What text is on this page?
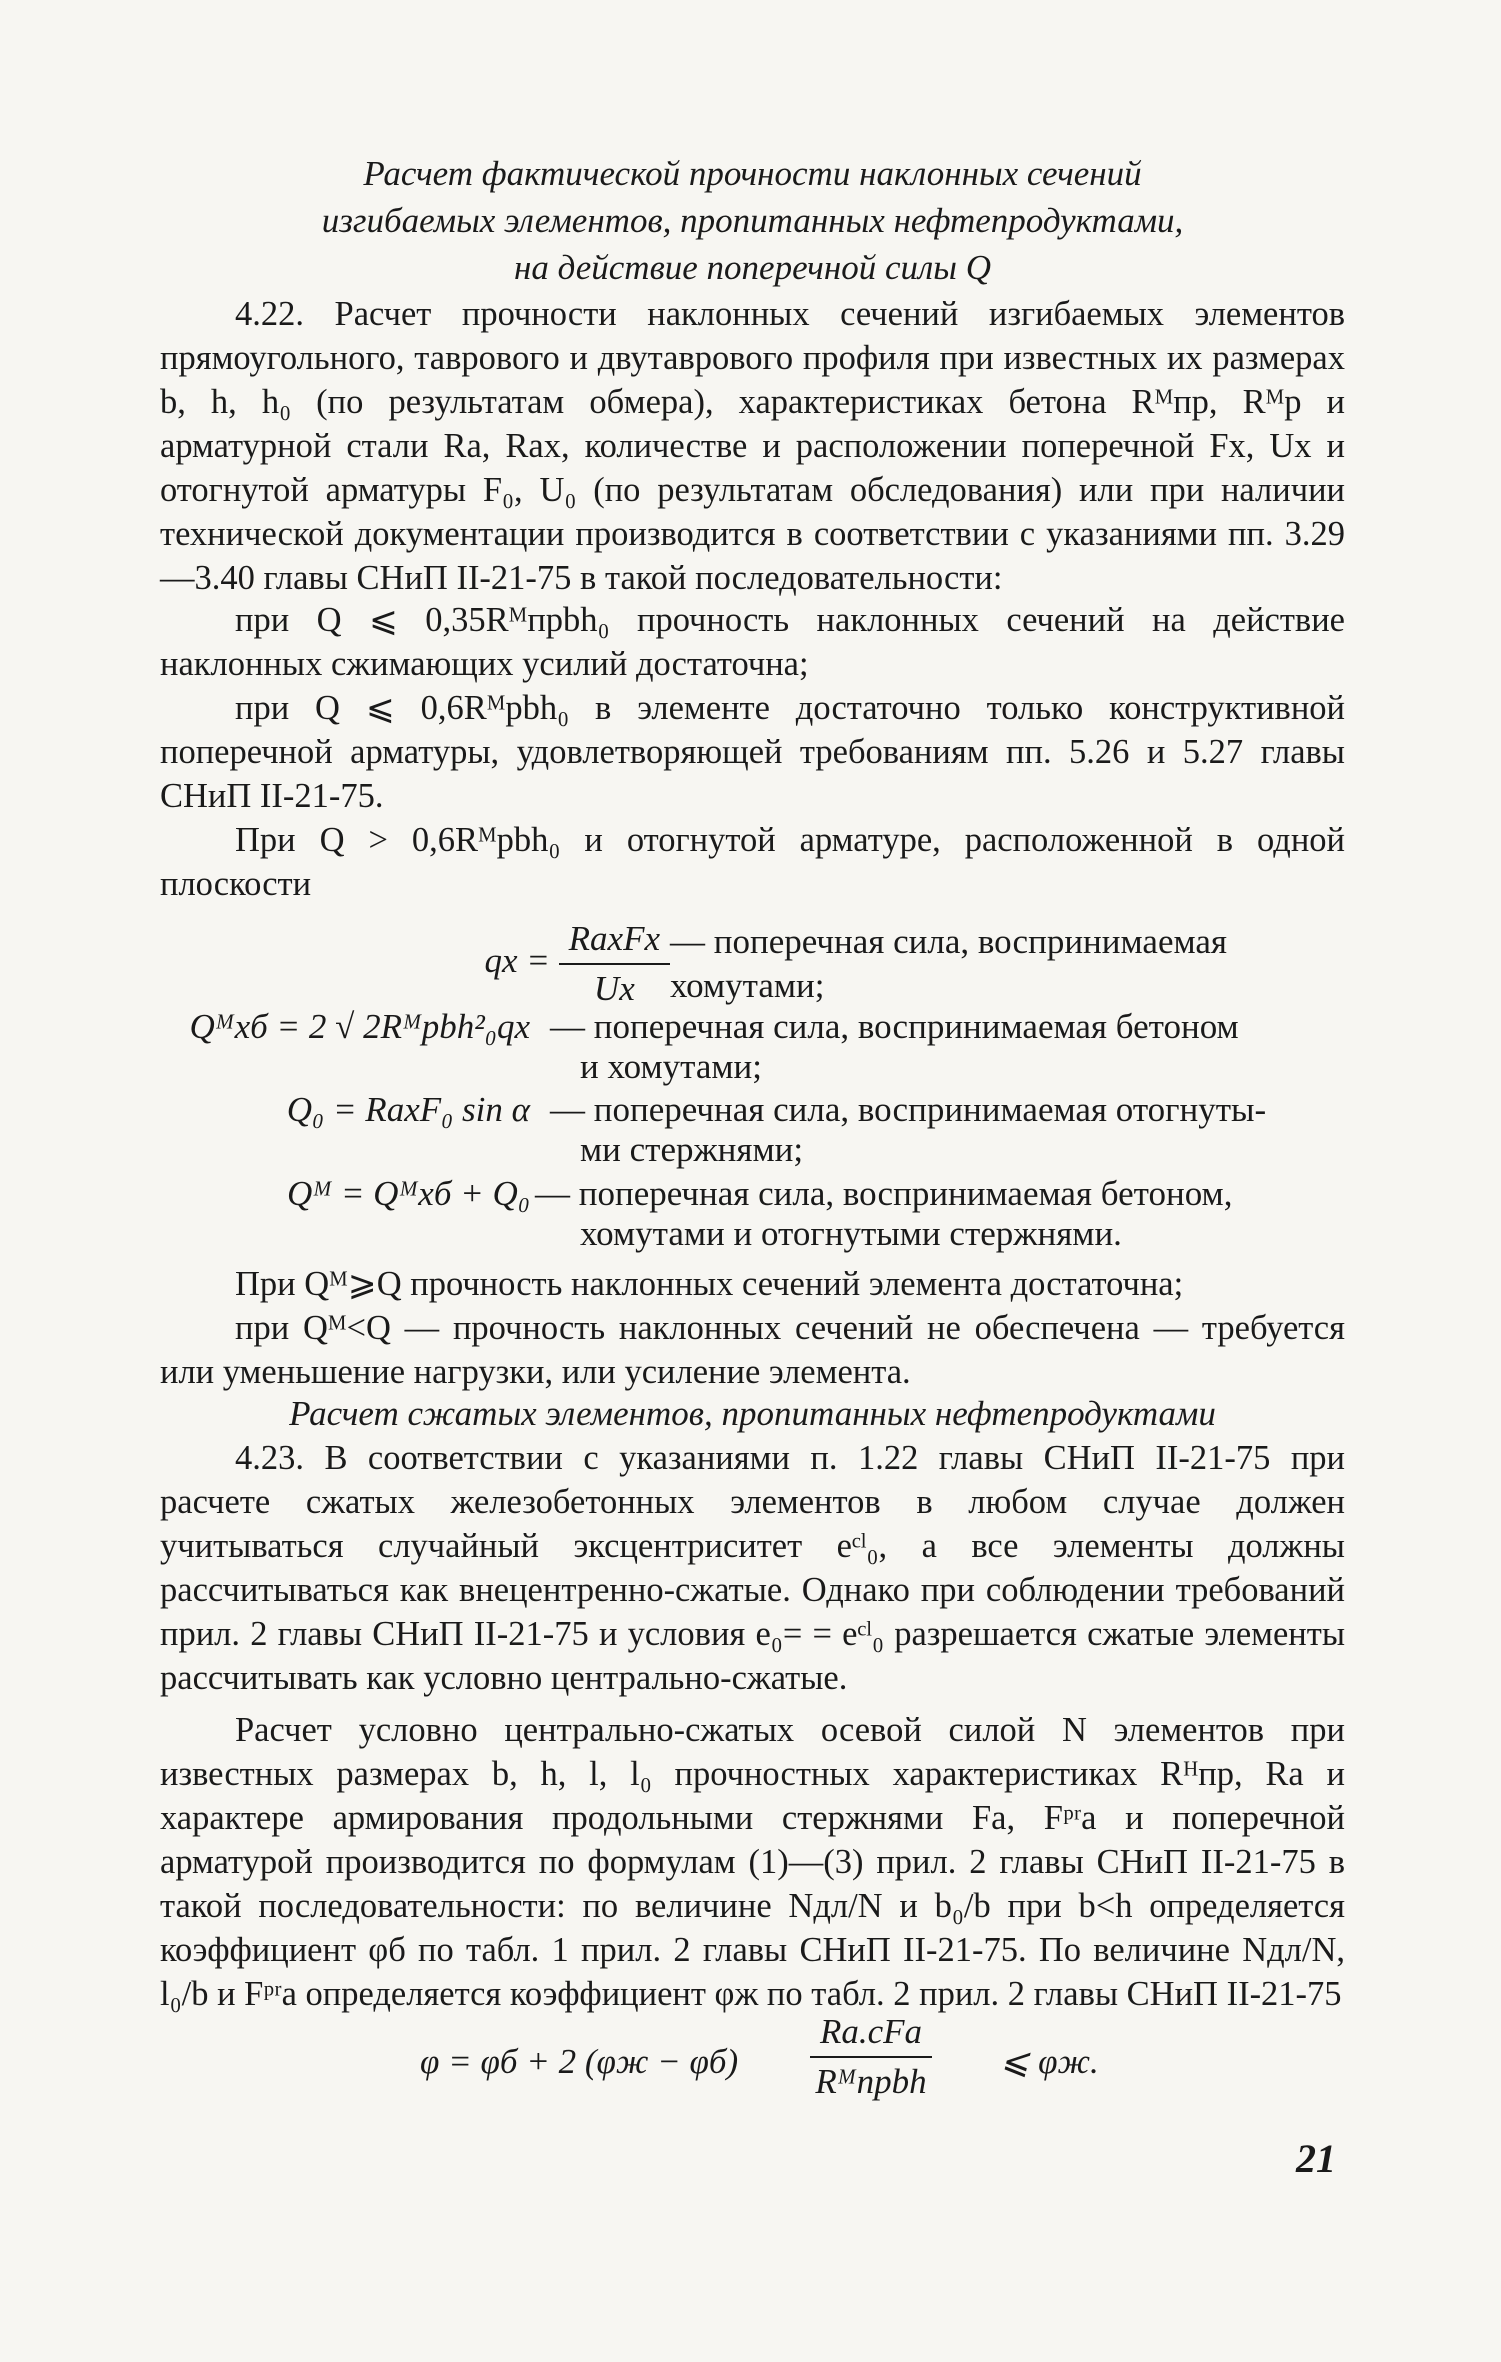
Расчет фактической прочности наклонных сечений

изгибаемых элементов, пропитанных нефтепродуктами,

на действие поперечной силы Q

4.22. Расчет прочности наклонных сечений изгибаемых элементов прямоугольного, таврового и двутаврового профиля при известных их размерах b, h, h₀ (по результатам обмера), характеристиках бетона Rᴹпр, Rᴹр и арматурной стали Rа, Rаx, количестве и расположении поперечной Fx, Ux и отогнутой арматуры F₀, U₀ (по результатам обследования) или при наличии технической документации производится в соответствии с указаниями пп. 3.29—3.40 главы СНиП II-21-75 в такой последовательности:

при Q ⩽ 0,35Rᴹпрbh₀ прочность наклонных сечений на действие наклонных сжимающих усилий достаточна;

при Q ⩽ 0,6Rᴹрbh₀ в элементе достаточно только конструктивной поперечной арматуры, удовлетворяющей требованиям пп. 5.26 и 5.27 главы СНиП II-21-75.

При Q > 0,6Rᴹрbh₀ и отогнутой арматуре, расположенной в одной плоскости

qx = $\frac{\text{RаxFx}}{Ux}$ — поперечная сила, воспринимаемая хомутами;
Qᴹxб = 2 √ 2Rᴹрbh²₀qx — поперечная сила, воспринимаемая бетоном
и хомутами;
Q₀ = RаxF₀ sin α — поперечная сила, воспринимаемая отогнуты-
ми стержнями;
Qᴹ = Qᴹxб + Q₀ — поперечная сила, воспринимаемая бетоном,
хомутами и отогнутыми стержнями.

При Qᴹ⩾Q прочность наклонных сечений элемента достаточна;

при Qᴹ<Q — прочность наклонных сечений не обеспечена — требуется или уменьшение нагрузки, или усиление элемента.

Расчет сжатых элементов, пропитанных нефтепродуктами

4.23. В соответствии с указаниями п. 1.22 главы СНиП II-21-75 при расчете сжатых железобетонных элементов в любом случае должен учитываться случайный эксцентриситет eᶜˡ₀, а все элементы должны рассчитываться как внецентренно-сжатые. Однако при соблюдении требований прил. 2 главы СНиП II-21-75 и условия e₀= = eᶜˡ₀ разрешается сжатые элементы рассчитывать как условно центрально-сжатые.

Расчет условно центрально-сжатых осевой силой N элементов при известных размерах b, h, l, l₀ прочностных характеристиках Rᴴпр, Rа и характере армирования продольными стержнями Fа, Fᵖʳа и поперечной арматурой производится по формулам (1)—(3) прил. 2 главы СНиП II-21-75 в такой последовательности: по величине Nдл/N и b₀/b при b<h определяется коэффициент φб по табл. 1 прил. 2 главы СНиП II-21-75. По величине Nдл/N, l₀/b и Fᵖʳа определяется коэффициент φж по табл. 2 прил. 2 главы СНиП II-21-75

φ = φб + 2 (φж − φб)
Rа.сFа
Rᴹпрbh
⩽ φж.
21
